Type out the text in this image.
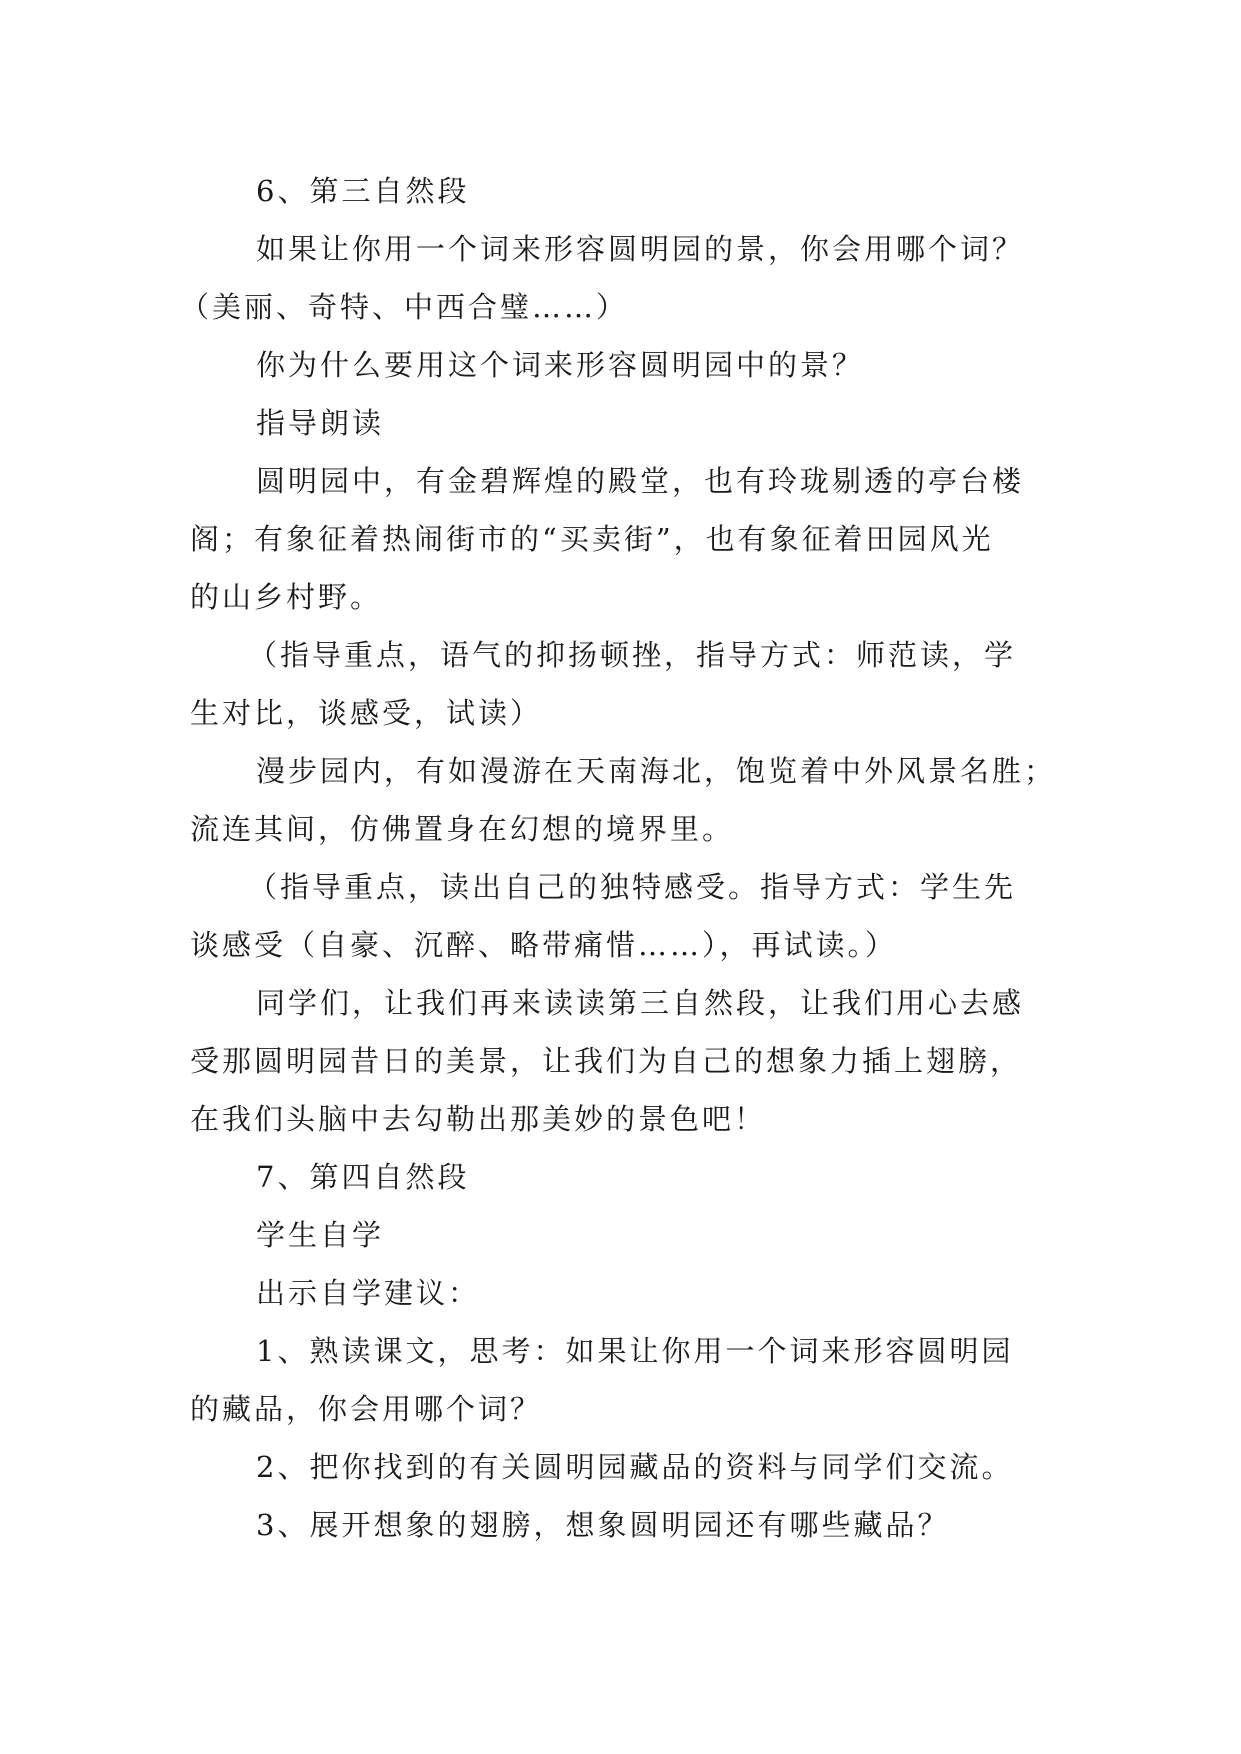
6、第三自然段

如果让你用一个词来形容圆明园的景，你会用哪个词？

（美丽、奇特、中西合璧……）

你为什么要用这个词来形容圆明园中的景？

指导朗读

圆明园中，有金碧辉煌的殿堂，也有玲珑剔透的亭台楼

阁；有象征着热闹街市的“买卖街”，也有象征着田园风光

的山乡村野。

（指导重点，语气的抑扬顿挫，指导方式：师范读，学

生对比，谈感受，试读）

漫步园内，有如漫游在天南海北，饱览着中外风景名胜；

流连其间，仿佛置身在幻想的境界里。

（指导重点，读出自己的独特感受。指导方式：学生先

谈感受（自豪、沉醉、略带痛惜……），再试读。）

同学们，让我们再来读读第三自然段，让我们用心去感

受那圆明园昔日的美景，让我们为自己的想象力插上翅膀，

在我们头脑中去勾勒出那美妙的景色吧！

7、第四自然段

学生自学

出示自学建议：

1、熟读课文，思考：如果让你用一个词来形容圆明园

的藏品，你会用哪个词？

2、把你找到的有关圆明园藏品的资料与同学们交流。

3、展开想象的翅膀，想象圆明园还有哪些藏品？
